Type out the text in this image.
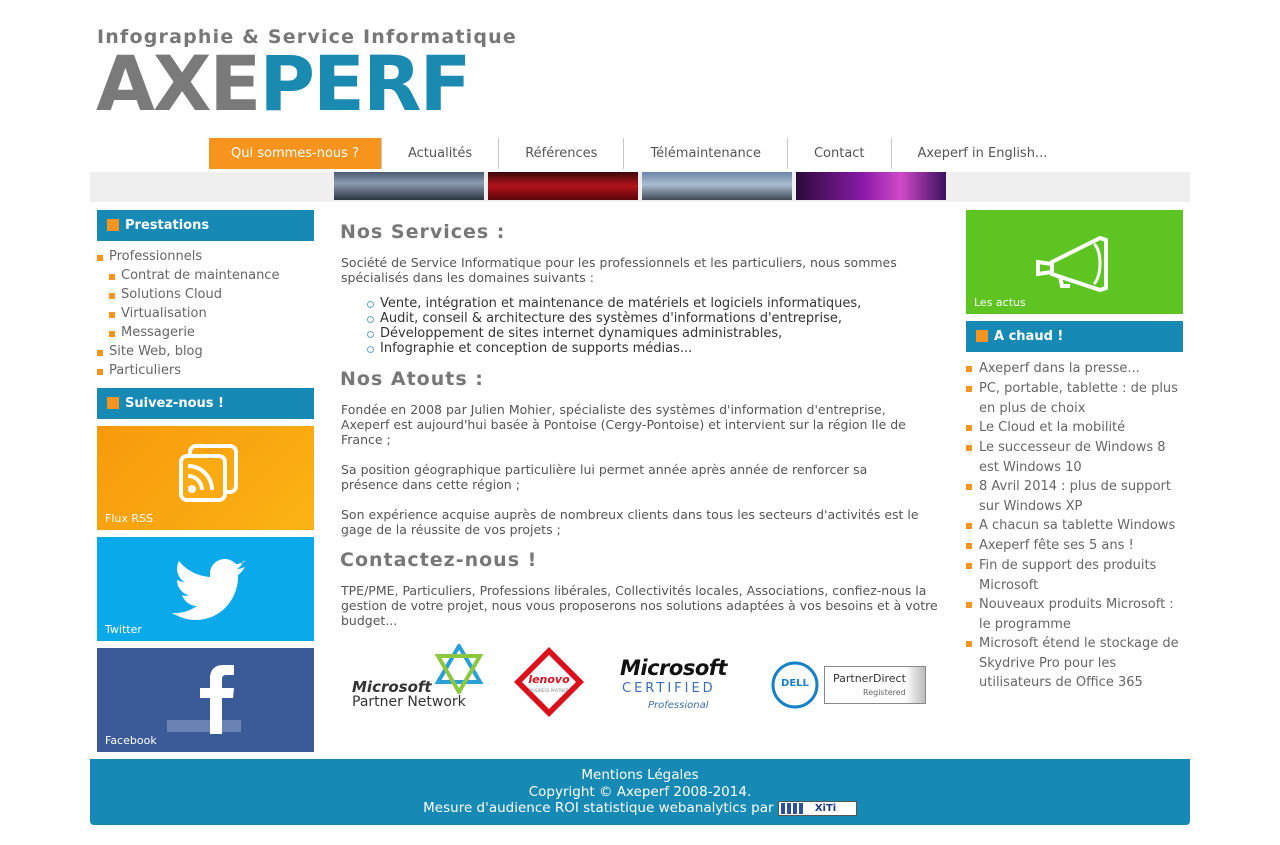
Infographie & Service Informatique
AXEPERF
Qui sommes-nous ?	Actualités	Références	Télémaintenance	Contact	Axeperf in English...
Prestations
Professionnels
Contrat de maintenance
Solutions Cloud
Virtualisation
Messagerie
Site Web, blog
Particuliers
Suivez-nous !
Flux RSS
Twitter
Facebook
Nos Services :
Société de Service Informatique pour les professionnels et les particuliers, nous sommes spécialisés dans les domaines suivants :
Vente, intégration et maintenance de matériels et logiciels informatiques,
Audit, conseil & architecture des systèmes d'informations d'entreprise,
Développement de sites internet dynamiques administrables,
Infographie et conception de supports médias...
Nos Atouts :
Fondée en 2008 par Julien Mohier, spécialiste des systèmes d'information d'entreprise, Axeperf est aujourd'hui basée à Pontoise (Cergy-Pontoise) et intervient sur la région Ile de France ;
Sa position géographique particulière lui permet année après année de renforcer sa présence dans cette région ;
Son expérience acquise auprès de nombreux clients dans tous les secteurs d'activités est le gage de la réussite de vos projets ;
Contactez-nous !
TPE/PME, Particuliers, Professions libérales, Collectivités locales, Associations, confiez-nous la gestion de votre projet, nous vous proposerons nos solutions adaptées à vos besoins et à votre budget...
Microsoft
Partner Network
lenovo
BUSINESS PARTNER
Microsoft
CERTIFIED
Professional
DELL	PartnerDirect
Registered
Les actus
A chaud !
Axeperf dans la presse...
PC, portable, tablette : de plus en plus de choix
Le Cloud et la mobilité
Le successeur de Windows 8 est Windows 10
8 Avril 2014 : plus de support sur Windows XP
A chacun sa tablette Windows
Axeperf fête ses 5 ans !
Fin de support des produits Microsoft
Nouveaux produits Microsoft : le programme
Microsoft étend le stockage de Skydrive Pro pour les utilisateurs de Office 365
Mentions Légales
Copyright © Axeperf 2008-2014.
Mesure d'audience ROI statistique webanalytics par	XiTi
